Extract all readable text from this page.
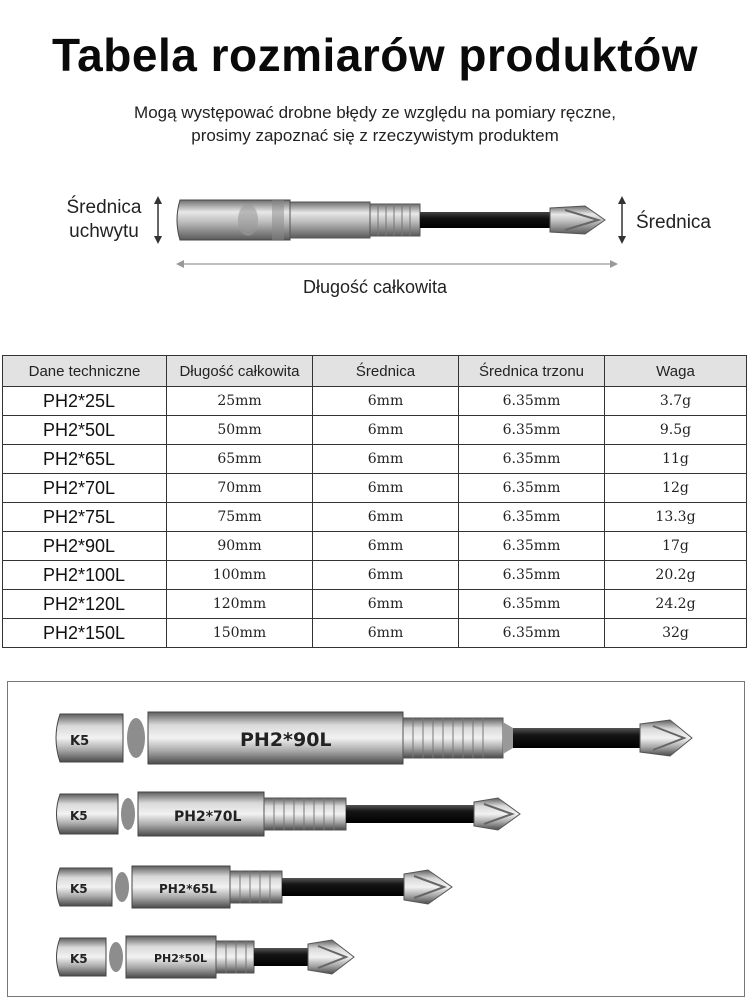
Tabela rozmiarów produktów
Mogą występować drobne błędy ze względu na pomiary ręczne,
prosimy zapoznać się z rzeczywistym produktem
Średnica
uchwytu	Średnica
Długość całkowita
Dane techniczne	Długość całkowita	Średnica	Średnica trzonu	Waga
PH2*25L	25mm	6mm	6.35mm	3.7g
PH2*50L	50mm	6mm	6.35mm	9.5g
PH2*65L	65mm	6mm	6.35mm	11g
PH2*70L	70mm	6mm	6.35mm	12g
PH2*75L	75mm	6mm	6.35mm	13.3g
PH2*90L	90mm	6mm	6.35mm	17g
PH2*100L	100mm	6mm	6.35mm	20.2g
PH2*120L	120mm	6mm	6.35mm	24.2g
PH2*150L	150mm	6mm	6.35mm	32g
K5	PH2*90L
K5	PH2*70L
K5	PH2*65L
K5	PH2*50L
